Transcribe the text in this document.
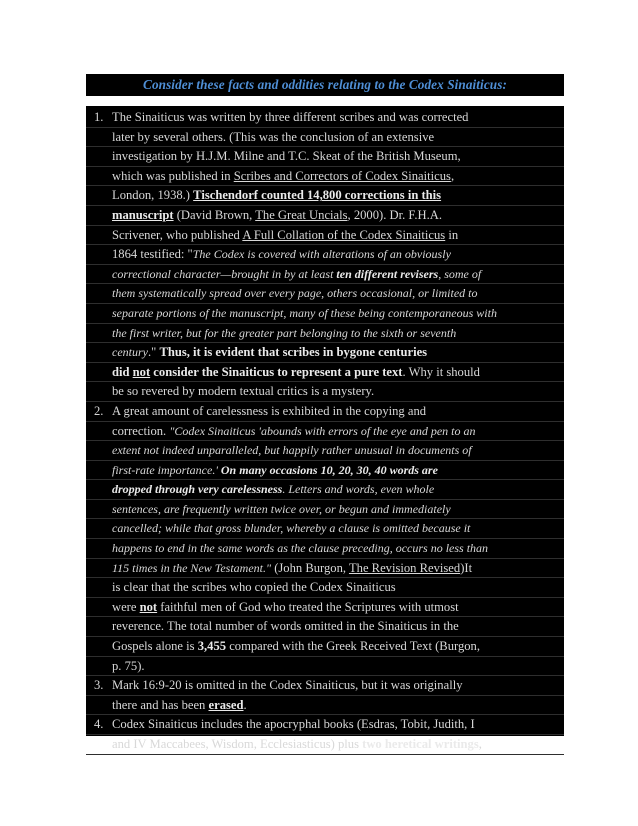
Consider these facts and oddities relating to the Codex Sinaiticus:
1. The Sinaiticus was written by three different scribes and was corrected
later by several others. (This was the conclusion of an extensive
investigation by H.J.M. Milne and T.C. Skeat of the British Museum,
which was published in Scribes and Correctors of Codex Sinaiticus,
London, 1938.) Tischendorf counted 14,800 corrections in this
manuscript (David Brown, The Great Uncials, 2000). Dr. F.H.A.
Scrivener, who published A Full Collation of the Codex Sinaiticus in
1864 testified: "The Codex is covered with alterations of an obviously
correctional character—brought in by at least ten different revisers, some of
them systematically spread over every page, others occasional, or limited to
separate portions of the manuscript, many of these being contemporaneous with
the first writer, but for the greater part belonging to the sixth or seventh
century." Thus, it is evident that scribes in bygone centuries
did not consider the Sinaiticus to represent a pure text. Why it should
be so revered by modern textual critics is a mystery.
2. A great amount of carelessness is exhibited in the copying and
correction. "Codex Sinaiticus 'abounds with errors of the eye and pen to an
extent not indeed unparalleled, but happily rather unusual in documents of
first-rate importance.' On many occasions 10, 20, 30, 40 words are
dropped through very carelessness. Letters and words, even whole
sentences, are frequently written twice over, or begun and immediately
cancelled; while that gross blunder, whereby a clause is omitted because it
happens to end in the same words as the clause preceding, occurs no less than
115 times in the New Testament." (John Burgon, The Revision Revised)It
is clear that the scribes who copied the Codex Sinaiticus
were not faithful men of God who treated the Scriptures with utmost
reverence. The total number of words omitted in the Sinaiticus in the
Gospels alone is 3,455 compared with the Greek Received Text (Burgon,
p. 75).
3. Mark 16:9-20 is omitted in the Codex Sinaiticus, but it was originally
there and has been erased.
4. Codex Sinaiticus includes the apocryphal books (Esdras, Tobit, Judith, I
and IV Maccabees, Wisdom, Ecclesiasticus) plus two heretical writings,
